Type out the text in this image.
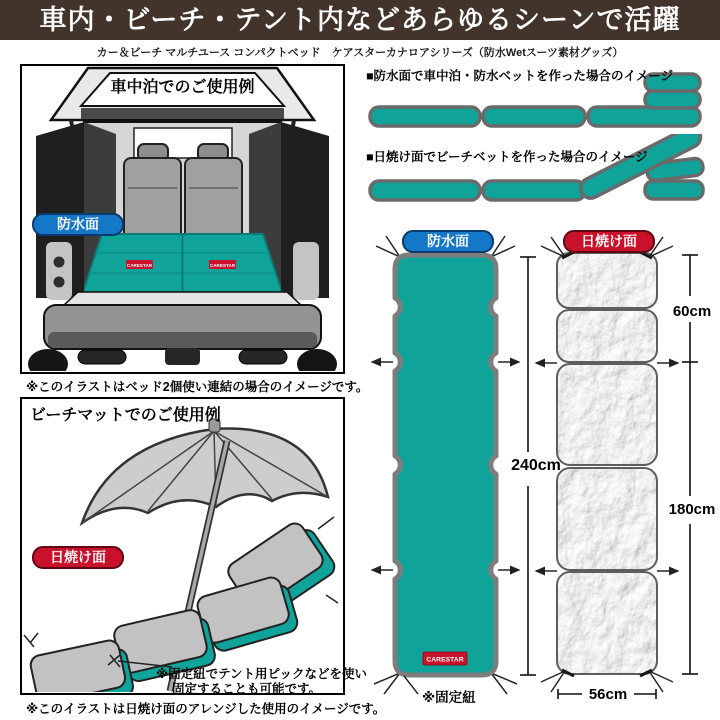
車内・ビーチ・テント内などあらゆるシーンで活躍
カー＆ビーチ マルチユース コンパクトベッド　ケアスターカナロアシリーズ（防水Wetスーツ素材グッズ）
CARESTAR	CARESTAR
車中泊でのご使用例
防水面
※このイラストはベッド2個使い連結の場合のイメージです。
ビーチマットでのご使用例
日焼け面
※固定紐でテント用ピックなどを使い
固定することも可能です。
※このイラストは日焼け面のアレンジした使用のイメージです。
■防水面で車中泊・防水ベットを作った場合のイメージ
■日焼け面でビーチベットを作った場合のイメージ
CARESTAR
240cm
60cm
180cm
56cm
※固定紐
防水面	日焼け面
